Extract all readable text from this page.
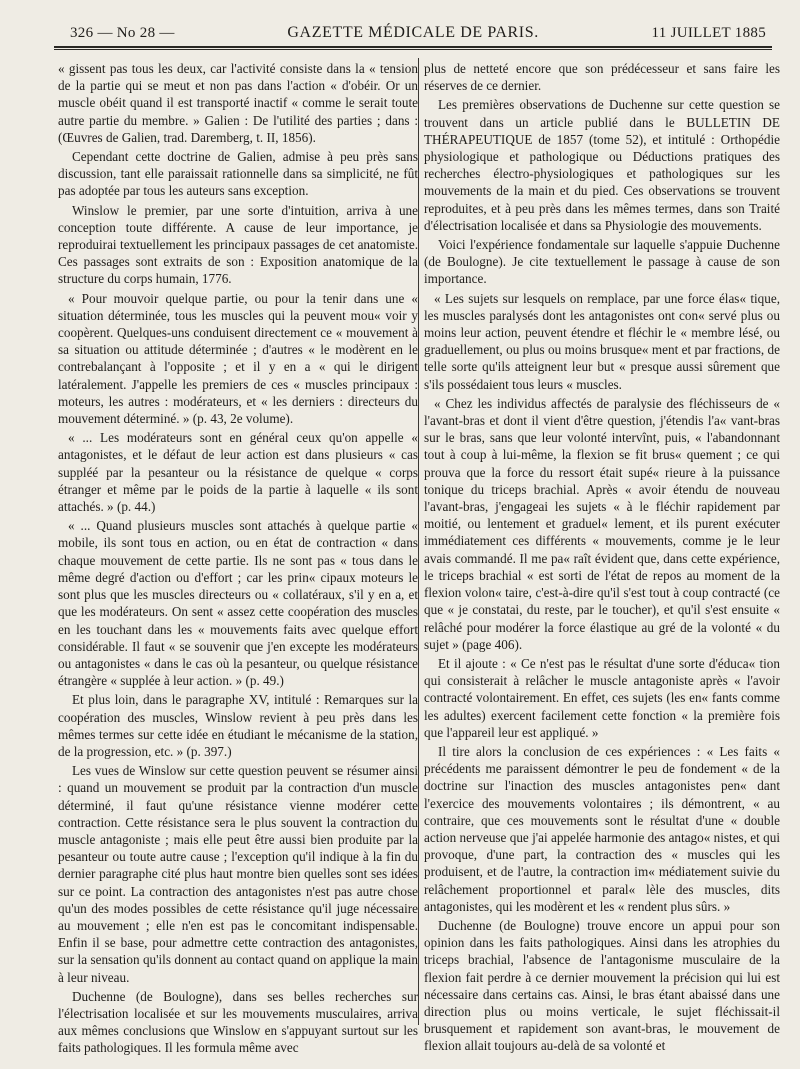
326 — No 28 —	GAZETTE MÉDICALE DE PARIS.	11 JUILLET 1885

« gissent pas tous les deux, car l'activité consiste dans la « tension de la partie qui se meut et non pas dans l'action « d'obéir. Or un muscle obéit quand il est transporté inactif « comme le serait toute autre partie du membre. » Galien : De l'utilité des parties ; dans : (Œuvres de Galien, trad. Daremberg, t. II, 1856).

Cependant cette doctrine de Galien, admise à peu près sans discussion, tant elle paraissait rationnelle dans sa simplicité, ne fût pas adoptée par tous les auteurs sans exception.

Winslow le premier, par une sorte d'intuition, arriva à une conception toute différente. A cause de leur importance, je reproduirai textuellement les principaux passages de cet anatomiste. Ces passages sont extraits de son : Exposition anatomique de la structure du corps humain, 1776.

« Pour mouvoir quelque partie, ou pour la tenir dans une « situation déterminée, tous les muscles qui la peuvent mou« voir y coopèrent. Quelques-uns conduisent directement ce « mouvement à sa situation ou attitude déterminée ; d'autres « le modèrent en le contrebalançant à l'opposite ; et il y en a « qui le dirigent latéralement. J'appelle les premiers de ces « muscles principaux : moteurs, les autres : modérateurs, et « les derniers : directeurs du mouvement déterminé. » (p. 43, 2e volume).

« ... Les modérateurs sont en général ceux qu'on appelle « antagonistes, et le défaut de leur action est dans plusieurs « cas suppléé par la pesanteur ou la résistance de quelque « corps étranger et même par le poids de la partie à laquelle « ils sont attachés. » (p. 44.)

« ... Quand plusieurs muscles sont attachés à quelque partie « mobile, ils sont tous en action, ou en état de contraction « dans chaque mouvement de cette partie. Ils ne sont pas « tous dans le même degré d'action ou d'effort ; car les prin« cipaux moteurs le sont plus que les muscles directeurs ou « collatéraux, s'il y en a, et que les modérateurs. On sent « assez cette coopération des muscles en les touchant dans les « mouvements faits avec quelque effort considérable. Il faut « se souvenir que j'en excepte les modérateurs ou antagonistes « dans le cas où la pesanteur, ou quelque résistance étrangère « supplée à leur action. » (p. 49.)

Et plus loin, dans le paragraphe XV, intitulé : Remarques sur la coopération des muscles, Winslow revient à peu près dans les mêmes termes sur cette idée en étudiant le mécanisme de la station, de la progression, etc. » (p. 397.)

Les vues de Winslow sur cette question peuvent se résumer ainsi : quand un mouvement se produit par la contraction d'un muscle déterminé, il faut qu'une résistance vienne modérer cette contraction. Cette résistance sera le plus souvent la contraction du muscle antagoniste ; mais elle peut être aussi bien produite par la pesanteur ou toute autre cause ; l'exception qu'il indique à la fin du dernier paragraphe cité plus haut montre bien quelles sont ses idées sur ce point. La contraction des antagonistes n'est pas autre chose qu'un des modes possibles de cette résistance qu'il juge nécessaire au mouvement ; elle n'en est pas le concomitant indispensable. Enfin il se base, pour admettre cette contraction des antagonistes, sur la sensation qu'ils donnent au contact quand on applique la main à leur niveau.

Duchenne (de Boulogne), dans ses belles recherches sur l'électrisation localisée et sur les mouvements musculaires, arriva aux mêmes conclusions que Winslow en s'appuyant surtout sur les faits pathologiques. Il les formula même avec

plus de netteté encore que son prédécesseur et sans faire les réserves de ce dernier.

Les premières observations de Duchenne sur cette question se trouvent dans un article publié dans le BULLETIN DE THÉRAPEUTIQUE de 1857 (tome 52), et intitulé : Orthopédie physiologique et pathologique ou Déductions pratiques des recherches électro-physiologiques et pathologiques sur les mouvements de la main et du pied. Ces observations se trouvent reproduites, et à peu près dans les mêmes termes, dans son Traité d'électrisation localisée et dans sa Physiologie des mouvements.

Voici l'expérience fondamentale sur laquelle s'appuie Duchenne (de Boulogne). Je cite textuellement le passage à cause de son importance.

« Les sujets sur lesquels on remplace, par une force élas« tique, les muscles paralysés dont les antagonistes ont con« servé plus ou moins leur action, peuvent étendre et fléchir le « membre lésé, ou graduellement, ou plus ou moins brusque« ment et par fractions, de telle sorte qu'ils atteignent leur but « presque aussi sûrement que s'ils possédaient tous leurs « muscles.

« Chez les individus affectés de paralysie des fléchisseurs de « l'avant-bras et dont il vient d'être question, j'étendis l'a« vant-bras sur le bras, sans que leur volonté intervînt, puis, « l'abandonnant tout à coup à lui-même, la flexion se fit brus« quement ; ce qui prouva que la force du ressort était supé« rieure à la puissance tonique du triceps brachial. Après « avoir étendu de nouveau l'avant-bras, j'engageai les sujets « à le fléchir rapidement par moitié, ou lentement et graduel« lement, et ils purent exécuter immédiatement ces différents « mouvements, comme je le leur avais commandé. Il me pa« raît évident que, dans cette expérience, le triceps brachial « est sorti de l'état de repos au moment de la flexion volon« taire, c'est-à-dire qu'il s'est tout à coup contracté (ce que « je constatai, du reste, par le toucher), et qu'il s'est ensuite « relâché pour modérer la force élastique au gré de la volonté « du sujet » (page 406).

Et il ajoute : « Ce n'est pas le résultat d'une sorte d'éduca« tion qui consisterait à relâcher le muscle antagoniste après « l'avoir contracté volontairement. En effet, ces sujets (les en« fants comme les adultes) exercent facilement cette fonction « la première fois que l'appareil leur est appliqué. »

Il tire alors la conclusion de ces expériences : « Les faits « précédents me paraissent démontrer le peu de fondement « de la doctrine sur l'inaction des muscles antagonistes pen« dant l'exercice des mouvements volontaires ; ils démontrent, « au contraire, que ces mouvements sont le résultat d'une « double action nerveuse que j'ai appelée harmonie des antago« nistes, et qui provoque, d'une part, la contraction des « muscles qui les produisent, et de l'autre, la contraction im« médiatement suivie du relâchement proportionnel et paral« lèle des muscles, dits antagonistes, qui les modèrent et les « rendent plus sûrs. »

Duchenne (de Boulogne) trouve encore un appui pour son opinion dans les faits pathologiques. Ainsi dans les atrophies du triceps brachial, l'absence de l'antagonisme musculaire de la flexion fait perdre à ce dernier mouvement la précision qui lui est nécessaire dans certains cas. Ainsi, le bras étant abaissé dans une direction plus ou moins verticale, le sujet fléchissait-il brusquement et rapidement son avant-bras, le mouvement de flexion allait toujours au-delà de sa volonté et
